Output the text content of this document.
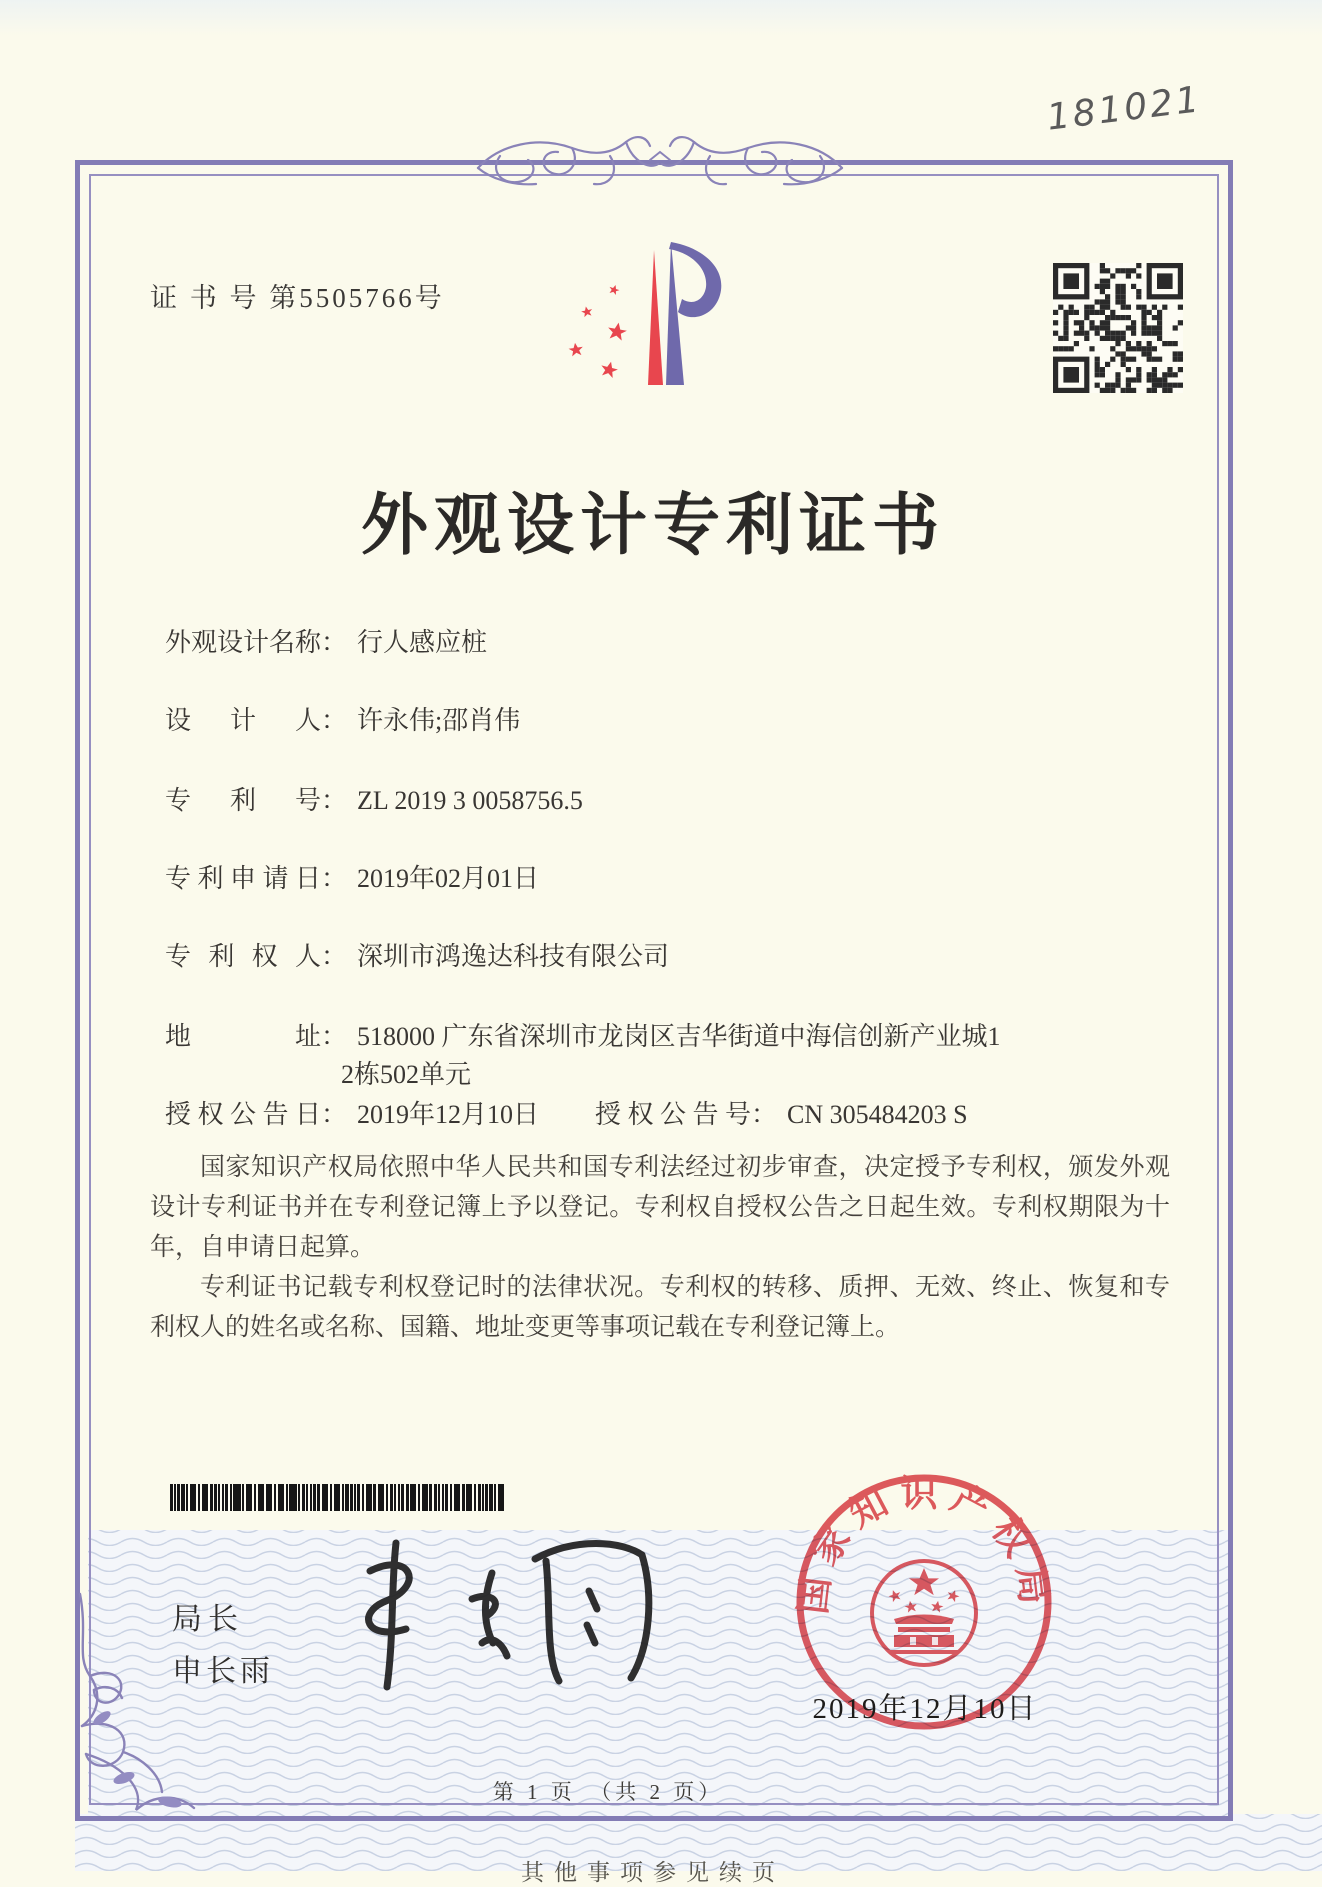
181021
证 书 号 第5505766号
外观设计专利证书
外观设计名称： 行人感应桩
设计人： 许永伟;邵肖伟
专利号： ZL 2019 3 0058756.5
专利申请日： 2019年02月01日
专利权人： 深圳市鸿逸达科技有限公司
地址： 518000 广东省深圳市龙岗区吉华街道中海信创新产业城1
2栋502单元
授权公告日： 2019年12月10日 授权公告号： CN 305484203 S

国家知识产权局依照中华人民共和国专利法经过初步审查，决定授予专利权，颁发外观设计专利证书并在专利登记簿上予以登记。专利权自授权公告之日起生效。专利权期限为十年，自申请日起算。

专利证书记载专利权登记时的法律状况。专利权的转移、质押、无效、终止、恢复和专利权人的姓名或名称、国籍、地址变更等事项记载在专利登记簿上。

局长
申长雨
国家知识产权局
2019年12月10日
第 1 页　（共 2 页）
其他事项参见续页
